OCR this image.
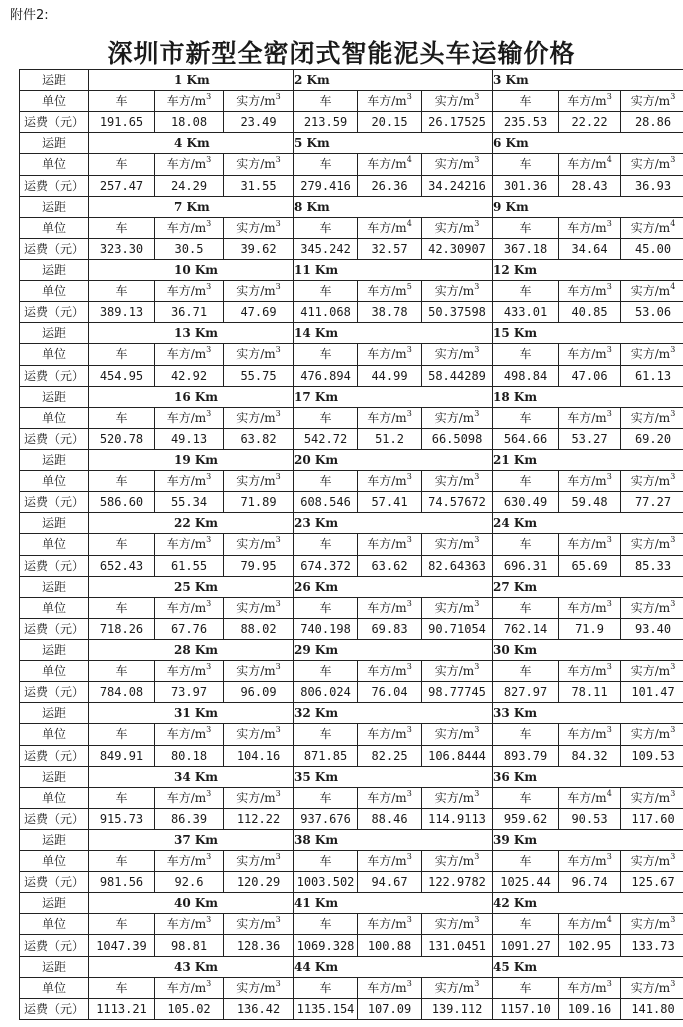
附件2:
深圳市新型全密闭式智能泥头车运输价格
运距	1 Km			2 Km			3 Km		
单位	车	车方$/m^3$	实方$/m^3$	车	车方$/m^3$	实方$/m^3$	车	车方$/m^3$	实方$/m^3$
运费（元）	191.65	18.08	23.49	213.59	20.15	26.17525	235.53	22.22	28.86
运距	4 Km			5 Km			6 Km		
单位	车	车方$/m^3$	实方$/m^3$	车	车方$/m^4$	实方$/m^3$	车	车方$/m^4$	实方$/m^3$
运费（元）	257.47	24.29	31.55	279.416	26.36	34.24216	301.36	28.43	36.93
运距	7 Km			8 Km			9 Km		
单位	车	车方$/m^3$	实方$/m^3$	车	车方$/m^4$	实方$/m^3$	车	车方$/m^3$	实方$/m^4$
运费（元）	323.30	30.5	39.62	345.242	32.57	42.30907	367.18	34.64	45.00
运距	10 Km			11 Km			12 Km		
单位	车	车方$/m^3$	实方$/m^3$	车	车方$/m^5$	实方$/m^3$	车	车方$/m^3$	实方$/m^4$
运费（元）	389.13	36.71	47.69	411.068	38.78	50.37598	433.01	40.85	53.06
运距	13 Km			14 Km			15 Km		
单位	车	车方$/m^3$	实方$/m^3$	车	车方$/m^3$	实方$/m^3$	车	车方$/m^3$	实方$/m^3$
运费（元）	454.95	42.92	55.75	476.894	44.99	58.44289	498.84	47.06	61.13
运距	16 Km			17 Km			18 Km		
单位	车	车方$/m^3$	实方$/m^3$	车	车方$/m^3$	实方$/m^3$	车	车方$/m^3$	实方$/m^3$
运费（元）	520.78	49.13	63.82	542.72	51.2	66.5098	564.66	53.27	69.20
运距	19 Km			20 Km			21 Km		
单位	车	车方$/m^3$	实方$/m^3$	车	车方$/m^3$	实方$/m^3$	车	车方$/m^3$	实方$/m^3$
运费（元）	586.60	55.34	71.89	608.546	57.41	74.57672	630.49	59.48	77.27
运距	22 Km			23 Km			24 Km		
单位	车	车方$/m^3$	实方$/m^3$	车	车方$/m^3$	实方$/m^3$	车	车方$/m^3$	实方$/m^3$
运费（元）	652.43	61.55	79.95	674.372	63.62	82.64363	696.31	65.69	85.33
运距	25 Km			26 Km			27 Km		
单位	车	车方$/m^3$	实方$/m^3$	车	车方$/m^3$	实方$/m^3$	车	车方$/m^3$	实方$/m^3$
运费（元）	718.26	67.76	88.02	740.198	69.83	90.71054	762.14	71.9	93.40
运距	28 Km			29 Km			30 Km		
单位	车	车方$/m^3$	实方$/m^3$	车	车方$/m^3$	实方$/m^3$	车	车方$/m^3$	实方$/m^3$
运费（元）	784.08	73.97	96.09	806.024	76.04	98.77745	827.97	78.11	101.47
运距	31 Km			32 Km			33 Km		
单位	车	车方$/m^3$	实方$/m^3$	车	车方$/m^3$	实方$/m^3$	车	车方$/m^3$	实方$/m^3$
运费（元）	849.91	80.18	104.16	871.85	82.25	106.8444	893.79	84.32	109.53
运距	34 Km			35 Km			36 Km		
单位	车	车方$/m^3$	实方$/m^3$	车	车方$/m^3$	实方$/m^3$	车	车方$/m^4$	实方$/m^3$
运费（元）	915.73	86.39	112.22	937.676	88.46	114.9113	959.62	90.53	117.60
运距	37 Km			38 Km			39 Km		
单位	车	车方$/m^3$	实方$/m^3$	车	车方$/m^3$	实方$/m^3$	车	车方$/m^3$	实方$/m^3$
运费（元）	981.56	92.6	120.29	1003.502	94.67	122.9782	1025.44	96.74	125.67
运距	40 Km			41 Km			42 Km		
单位	车	车方$/m^3$	实方$/m^3$	车	车方$/m^3$	实方$/m^3$	车	车方$/m^4$	实方$/m^3$
运费（元）	1047.39	98.81	128.36	1069.328	100.88	131.0451	1091.27	102.95	133.73
运距	43 Km			44 Km			45 Km		
单位	车	车方$/m^3$	实方$/m^3$	车	车方$/m^3$	实方$/m^3$	车	车方$/m^3$	实方$/m^3$
运费（元）	1113.21	105.02	136.42	1135.154	107.09	139.112	1157.10	109.16	141.80
